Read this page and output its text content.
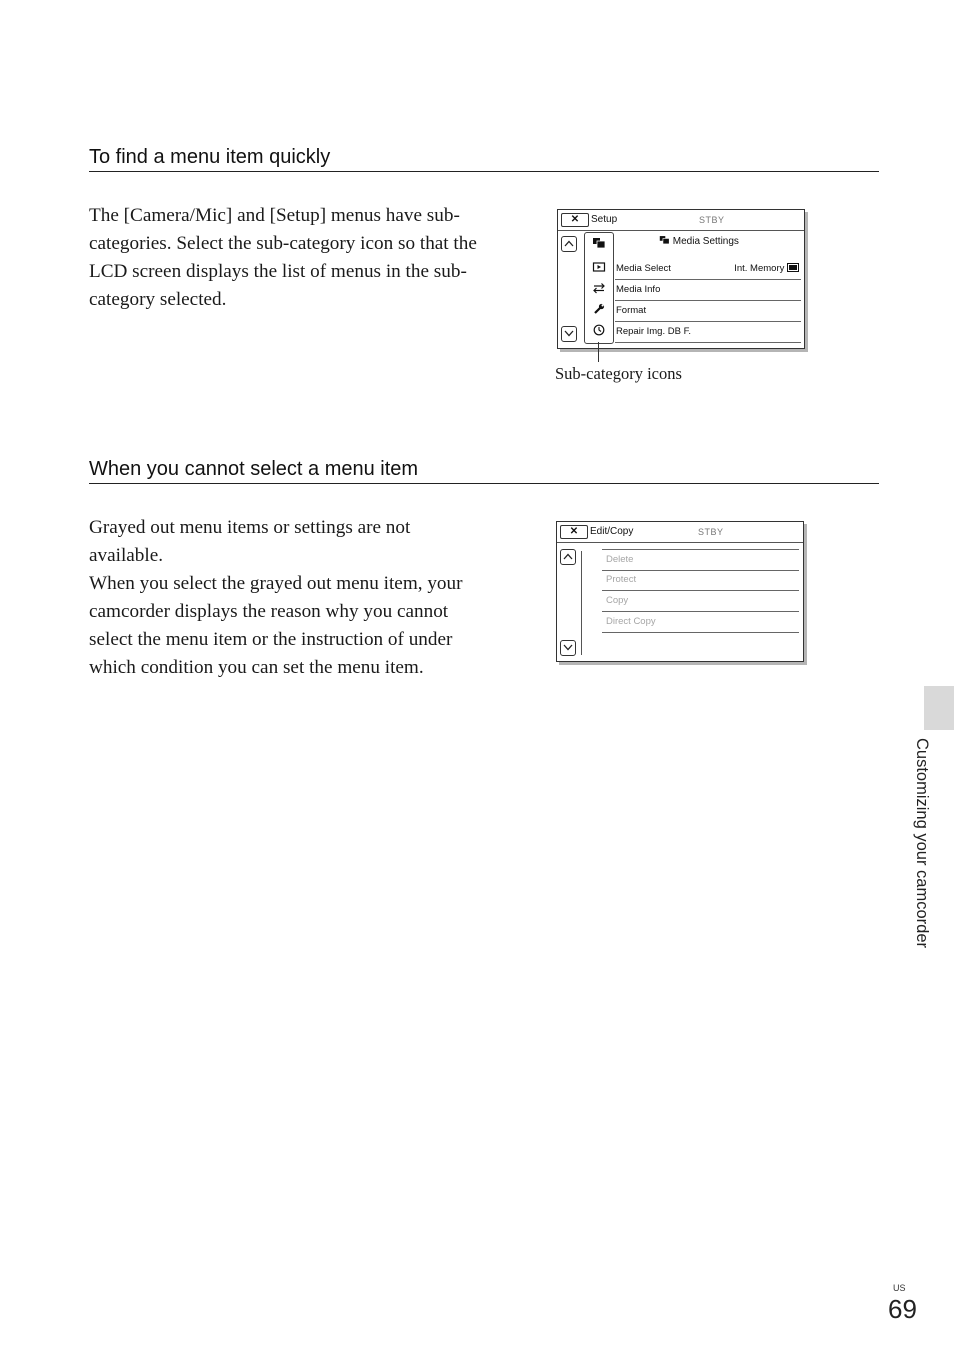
To find a menu item quickly

The [Camera/Mic] and [Setup] menus have sub-categories. Select the sub-category icon so that the LCD screen displays the list of menus in the sub-category selected.

✕	Setup	STBY
Media Settings
Media Select	Int. Memory
Media Info
Format
Repair Img. DB F.
Sub-category icons
When you cannot select a menu item

Grayed out menu items or settings are not available.

When you select the grayed out menu item, your camcorder displays the reason why you cannot select the menu item or the instruction of under which condition you can set the menu item.

✕	Edit/Copy	STBY
Delete
Protect
Copy
Direct Copy
Customizing your camcorder
US
69
